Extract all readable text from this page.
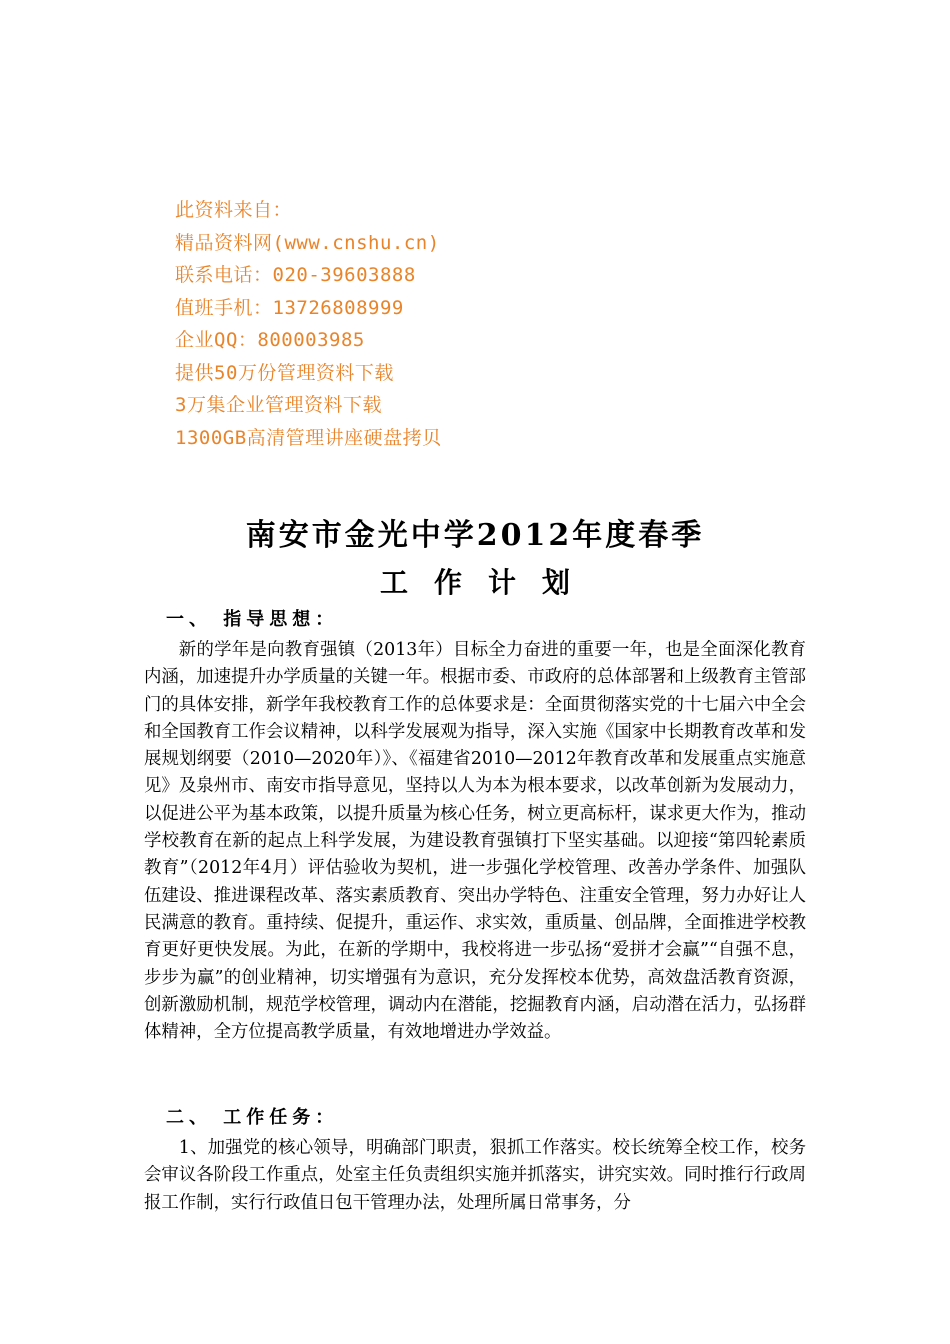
此资料来自：
精品资料网(www.cnshu.cn)
联系电话：020-39603888
值班手机：13726808999
企业QQ：800003985
提供50万份管理资料下载
3万集企业管理资料下载
1300GB高清管理讲座硬盘拷贝
南安市金光中学2012年度春季
工作计划
一、 指导思想：

新的学年是向教育强镇（2013年）目标全力奋进的重要一年，也是全面深化教育内涵，加速提升办学质量的关键一年。根据市委、市政府的总体部署和上级教育主管部门的具体安排，新学年我校教育工作的总体要求是：全面贯彻落实党的十七届六中全会和全国教育工作会议精神，以科学发展观为指导，深入实施《国家中长期教育改革和发展规划纲要（2010—2020年）》、《福建省2010—2012年教育改革和发展重点实施意见》及泉州市、南安市指导意见，坚持以人为本为根本要求，以改革创新为发展动力，以促进公平为基本政策，以提升质量为核心任务，树立更高标杆，谋求更大作为，推动学校教育在新的起点上科学发展，为建设教育强镇打下坚实基础。以迎接“第四轮素质教育”（2012年4月）评估验收为契机，进一步强化学校管理、改善办学条件、加强队伍建设、推进课程改革、落实素质教育、突出办学特色、注重安全管理，努力办好让人民满意的教育。重持续、促提升，重运作、求实效，重质量、创品牌，全面推进学校教育更好更快发展。为此，在新的学期中，我校将进一步弘扬“爱拼才会赢”“自强不息，步步为赢”的创业精神，切实增强有为意识，充分发挥校本优势，高效盘活教育资源，创新激励机制，规范学校管理，调动内在潜能，挖掘教育内涵，启动潜在活力，弘扬群体精神，全方位提高教学质量，有效地增进办学效益。

二、 工作任务：

1、加强党的核心领导，明确部门职责，狠抓工作落实。校长统筹全校工作，校务会审议各阶段工作重点，处室主任负责组织实施并抓落实，讲究实效。同时推行行政周报工作制，实行行政值日包干管理办法，处理所属日常事务，分
